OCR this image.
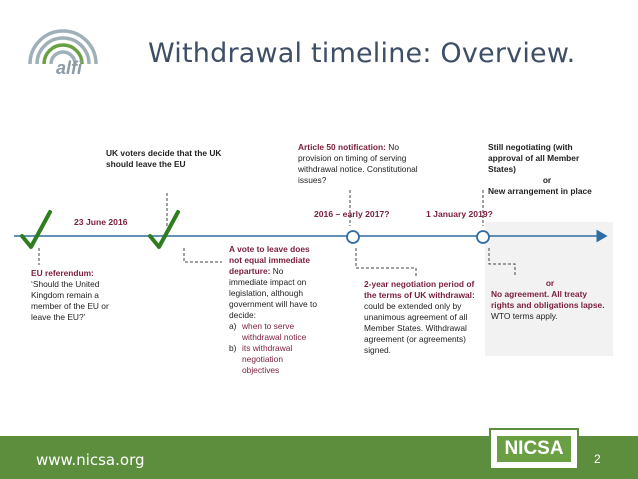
alfi Withdrawal timeline: Overview.
23 June 2016
2016 – early 2017?	1 January 2019?
EU referendum:
‘Should the United Kingdom remain a member of the EU or leave the EU?’
UK voters decide that the UK should leave the EU
A vote to leave does not equal immediate departure: No immediate impact on legislation, although government will have to decide:
a) when to serve withdrawal notice
b) its withdrawal negotiation objectives
Article 50 notification: No provision on timing of serving withdrawal notice. Constitutional issues?
2-year negotiation period of the terms of UK withdrawal: could be extended only by unanimous agreement of all Member States. Withdrawal agreement (or agreements) signed.
Still negotiating (with approval of all Member States)
or
New arrangement in place
or
No agreement. All treaty rights and obligations lapse. WTO terms apply.
www.nicsa.org
NICSA	2
